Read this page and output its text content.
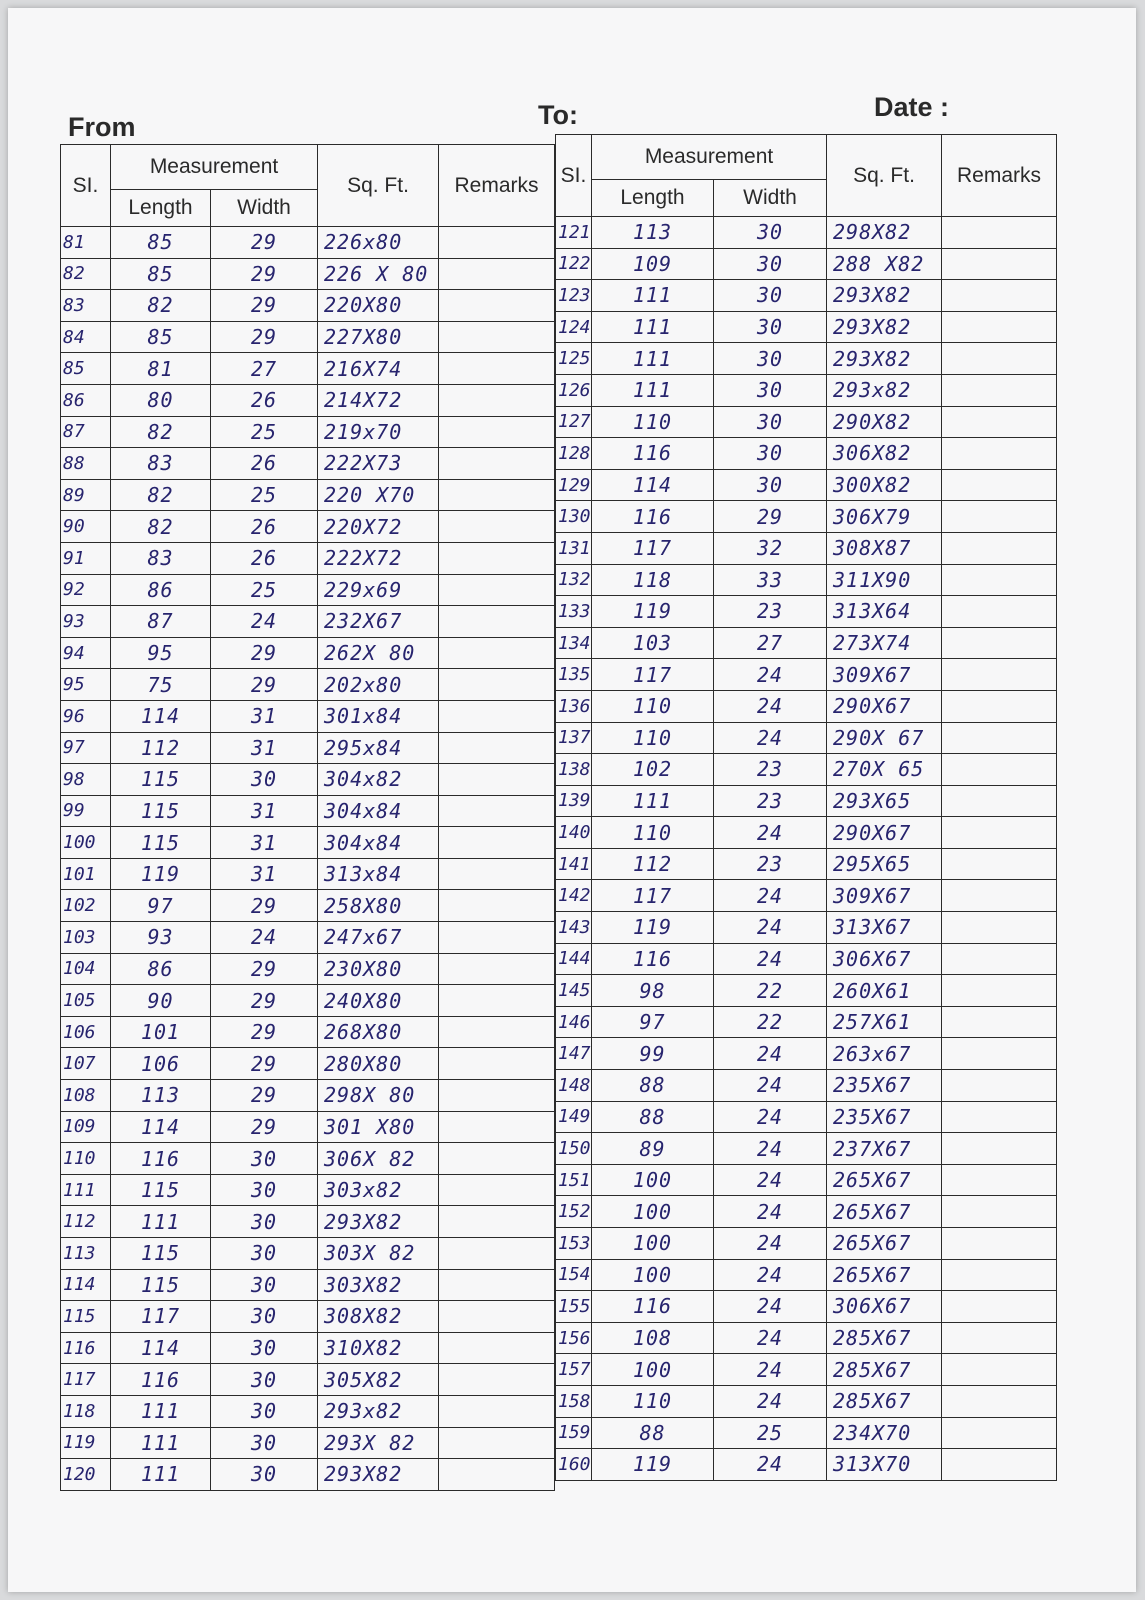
From	To:	Date :
SI.	Measurement		Sq. Ft.	Remarks
	Length	Width		
81	85	29	226x80	
82	85	29	226 X 80	
83	82	29	220X80	
84	85	29	227X80	
85	81	27	216X74	
86	80	26	214X72	
87	82	25	219x70	
88	83	26	222X73	
89	82	25	220 X70	
90	82	26	220X72	
91	83	26	222X72	
92	86	25	229x69	
93	87	24	232X67	
94	95	29	262X 80	
95	75	29	202x80	
96	114	31	301x84	
97	112	31	295x84	
98	115	30	304x82	
99	115	31	304x84	
100	115	31	304x84	
101	119	31	313x84	
102	97	29	258X80	
103	93	24	247x67	
104	86	29	230X80	
105	90	29	240X80	
106	101	29	268X80	
107	106	29	280X80	
108	113	29	298X 80	
109	114	29	301 X80	
110	116	30	306X 82	
111	115	30	303x82	
112	111	30	293X82	
113	115	30	303X 82	
114	115	30	303X82	
115	117	30	308X82	
116	114	30	310X82	
117	116	30	305X82	
118	111	30	293x82	
119	111	30	293X 82	
120	111	30	293X82	
SI.	Measurement		Sq. Ft.	Remarks
	Length	Width		
121	113	30	298X82	
122	109	30	288 X82	
123	111	30	293X82	
124	111	30	293X82	
125	111	30	293X82	
126	111	30	293x82	
127	110	30	290X82	
128	116	30	306X82	
129	114	30	300X82	
130	116	29	306X79	
131	117	32	308X87	
132	118	33	311X90	
133	119	23	313X64	
134	103	27	273X74	
135	117	24	309X67	
136	110	24	290X67	
137	110	24	290X 67	
138	102	23	270X 65	
139	111	23	293X65	
140	110	24	290X67	
141	112	23	295X65	
142	117	24	309X67	
143	119	24	313X67	
144	116	24	306X67	
145	98	22	260X61	
146	97	22	257X61	
147	99	24	263x67	
148	88	24	235X67	
149	88	24	235X67	
150	89	24	237X67	
151	100	24	265X67	
152	100	24	265X67	
153	100	24	265X67	
154	100	24	265X67	
155	116	24	306X67	
156	108	24	285X67	
157	100	24	285X67	
158	110	24	285X67	
159	88	25	234X70	
160	119	24	313X70	
